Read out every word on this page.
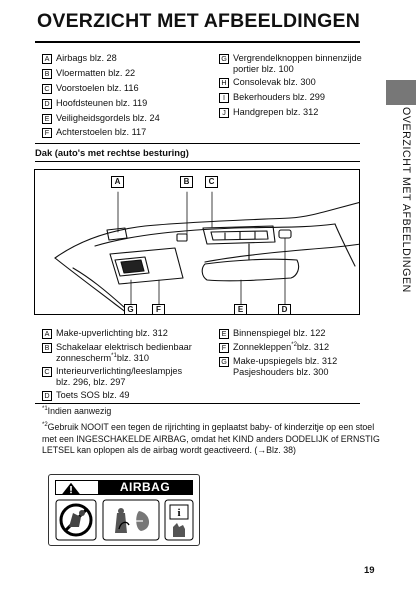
OVERZICHT MET AFBEELDINGEN
OVERZICHT MET AFBEELDINGEN
A Airbags blz. 28
B Vloermatten blz. 22
C Voorstoelen blz. 116
D Hoofdsteunen blz. 119
E Veiligheidsgordels blz. 24
F Achterstoelen blz. 117
G Vergrendelknoppen binnenzijde
portier blz. 100
H Consolevak blz. 300
I Bekerhouders blz. 299
J Handgrepen blz. 312
Dak (auto's met rechtse besturing)
A	B	C
G	F	E	D
A Make-upverlichting blz. 312
B Schakelaar elektrisch bedienbaar
zonnescherm$^{*1}$blz. 310
C Interieurverlichting/leeslampjes
blz. 296, blz. 297
D Toets SOS blz. 49
E Binnenspiegel blz. 122
F Zonnekleppen$^{*2}$blz. 312
G Make-upspiegels blz. 312
Pasjeshouders blz. 300
$^{*1}$Indien aanwezig
$^{*2}$Gebruik NOOIT een tegen de rijrichting in geplaatst baby- of kinderzitje op een stoel
met een INGESCHAKELDE AIRBAG, omdat het KIND anders DODELIJK of ERNSTIG
LETSEL kan oplopen als de airbag wordt geactiveerd. (→Blz. 38)
AIRBAG
i
19
